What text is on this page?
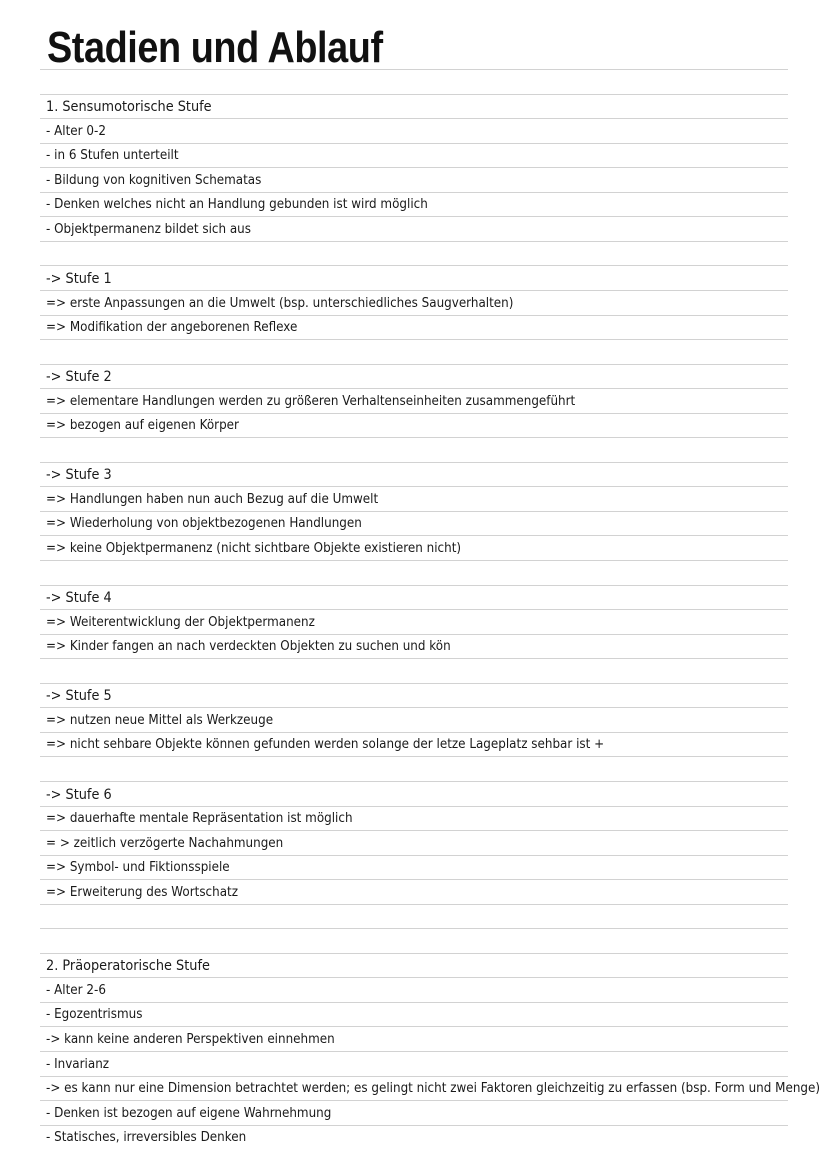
Stadien und Ablauf
1. Sensumotorische Stufe
- Alter 0-2
- in 6 Stufen unterteilt
- Bildung von kognitiven Schematas
- Denken welches nicht an Handlung gebunden ist wird möglich
- Objektpermanenz bildet sich aus
-> Stufe 1
=> erste Anpassungen an die Umwelt (bsp. unterschiedliches Saugverhalten)
=> Modifikation der angeborenen Reflexe
-> Stufe 2
=> elementare Handlungen werden zu größeren Verhaltenseinheiten zusammengeführt
=> bezogen auf eigenen Körper
-> Stufe 3
=> Handlungen haben nun auch Bezug auf die Umwelt
=> Wiederholung von objektbezogenen Handlungen
=> keine Objektpermanenz (nicht sichtbare Objekte existieren nicht)
-> Stufe 4
=> Weiterentwicklung der Objektpermanenz
=> Kinder fangen an nach verdeckten Objekten zu suchen und kön
-> Stufe 5
=> nutzen neue Mittel als Werkzeuge
=> nicht sehbare Objekte können gefunden werden solange der letze Lageplatz sehbar ist +
-> Stufe 6
=> dauerhafte mentale Repräsentation ist möglich
= > zeitlich verzögerte Nachahmungen
=> Symbol- und Fiktionsspiele
=> Erweiterung des Wortschatz
2. Präoperatorische Stufe
- Alter 2-6
- Egozentrismus
-> kann keine anderen Perspektiven einnehmen
- Invarianz
-> es kann nur eine Dimension betrachtet werden; es gelingt nicht zwei Faktoren gleichzeitig zu erfassen (bsp. Form und Menge)
- Denken ist bezogen auf eigene Wahrnehmung
- Statisches, irreversibles Denken
